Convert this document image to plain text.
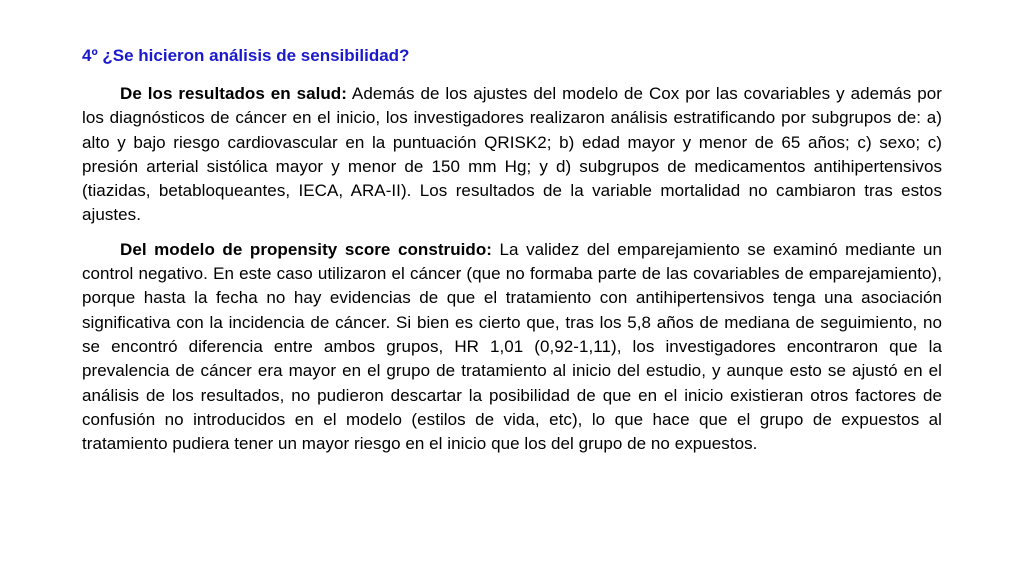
4º ¿Se hicieron análisis de sensibilidad?

De los resultados en salud: Además de los ajustes del modelo de Cox por las covariables y además por los diagnósticos de cáncer en el inicio, los investigadores realizaron análisis estratificando por subgrupos de: a) alto y bajo riesgo cardiovascular en la puntuación QRISK2; b) edad mayor y menor de 65 años; c) sexo; c) presión arterial sistólica mayor y menor de 150 mm Hg; y d) subgrupos de medicamentos antihipertensivos (tiazidas, betabloqueantes, IECA, ARA-II). Los resultados de la variable mortalidad no cambiaron tras estos ajustes.

Del modelo de propensity score construido: La validez del emparejamiento se examinó mediante un control negativo. En este caso utilizaron el cáncer (que no formaba parte de las covariables de emparejamiento), porque hasta la fecha no hay evidencias de que el tratamiento con antihipertensivos tenga una asociación significativa con la incidencia de cáncer. Si bien es cierto que, tras los 5,8 años de mediana de seguimiento, no se encontró diferencia entre ambos grupos, HR 1,01 (0,92-1,11), los investigadores encontraron que la prevalencia de cáncer era mayor en el grupo de tratamiento al inicio del estudio, y aunque esto se ajustó en el análisis de los resultados, no pudieron descartar la posibilidad de que en el inicio existieran otros factores de confusión no introducidos en el modelo (estilos de vida, etc), lo que hace que el grupo de expuestos al tratamiento pudiera tener un mayor riesgo en el inicio que los del grupo de no expuestos.
